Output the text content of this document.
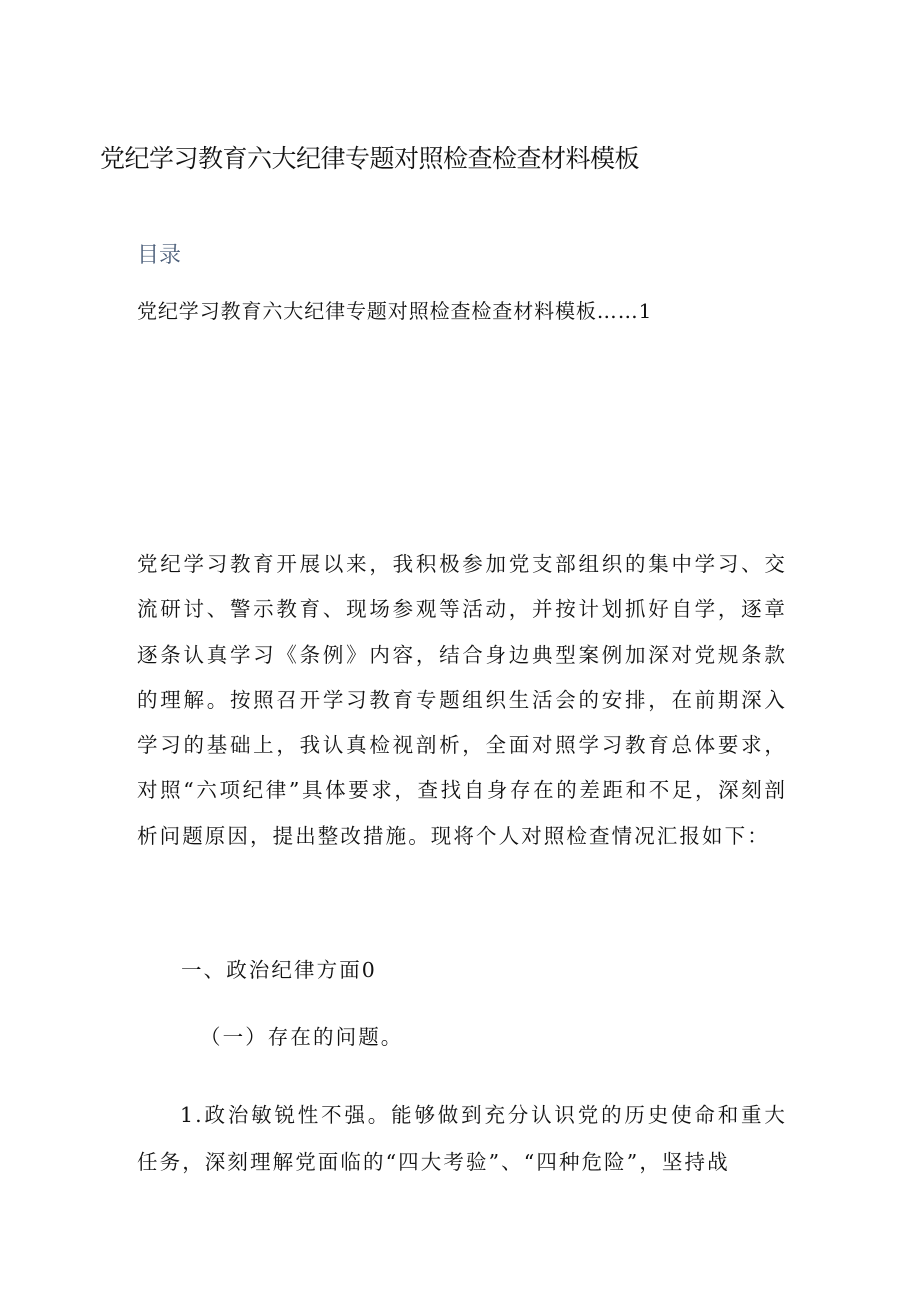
党纪学习教育六大纪律专题对照检查检查材料模板
目录
党纪学习教育六大纪律专题对照检查检查材料模板……1

党纪学习教育开展以来，我积极参加党支部组织的集中学习、交流研讨、警示教育、现场参观等活动，并按计划抓好自学，逐章逐条认真学习《条例》内容，结合身边典型案例加深对党规条款的理解。按照召开学习教育专题组织生活会的安排，在前期深入学习的基础上，我认真检视剖析，全面对照学习教育总体要求，对照“六项纪律”具体要求，查找自身存在的差距和不足，深刻剖析问题原因，提出整改措施。现将个人对照检查情况汇报如下：

一、政治纪律方面0
（一）存在的问题。

1.政治敏锐性不强。能够做到充分认识党的历史使命和重大任务，深刻理解党面临的“四大考验”、“四种危险”，坚持战
